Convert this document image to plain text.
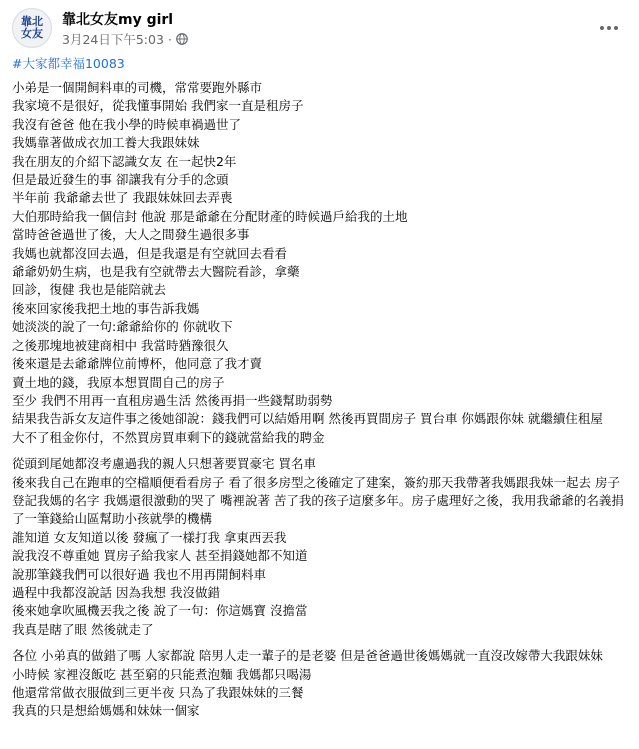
靠北
女友
靠北女友my girl
3月24日下午5:03 ·
#大家都幸福10083
小弟是一個開飼料車的司機，常常要跑外縣市
我家境不是很好，從我懂事開始 我們家一直是租房子
我沒有爸爸 他在我小學的時候車禍過世了
我媽靠著做成衣加工養大我跟妹妹
我在朋友的介紹下認識女友 在一起快2年
但是最近發生的事 卻讓我有分手的念頭
半年前 我爺爺去世了 我跟妹妹回去弄喪
大伯那時給我一個信封 他說 那是爺爺在分配財產的時候過戶給我的土地
當時爸爸過世了後，大人之間發生過很多事
我媽也就都沒回去過，但是我還是有空就回去看看
爺爺奶奶生病，也是我有空就帶去大醫院看診，拿藥
回診，復健 我也是能陪就去
後來回家後我把土地的事告訴我媽
她淡淡的說了一句:爺爺給你的 你就收下
之後那塊地被建商相中 我當時猶豫很久
後來還是去爺爺牌位前博杯，他同意了我才賣
賣土地的錢，我原本想買間自己的房子
至少 我們不用再一直租房過生活 然後再捐一些錢幫助弱勢
結果我告訴女友這件事之後她卻說：錢我們可以結婚用啊 然後再買間房子 買台車 你媽跟你妹 就繼續住租屋
大不了租金你付，不然買房買車剩下的錢就當給我的聘金
從頭到尾她都沒考慮過我的親人只想著要買豪宅 買名車
後來我自己在跑車的空檔順便看看房子 看了很多房型之後確定了建案，簽約那天我帶著我媽跟我妹一起去 房子登記我媽的名字 我媽還很激動的哭了 嘴裡說著 苦了我的孩子這麼多年。房子處理好之後，我用我爺爺的名義捐了一筆錢給山區幫助小孩就學的機構
誰知道 女友知道以後 發瘋了一樣打我 拿東西丟我
說我沒不尊重她 買房子給我家人 甚至捐錢她都不知道
說那筆錢我們可以很好過 我也不用再開飼料車
過程中我都沒說話 因為我想 我沒做錯
後來她拿吹風機丟我之後 說了一句：你這媽寶 沒擔當
我真是瞎了眼 然後就走了
各位 小弟真的做錯了嗎 人家都說 陪男人走一輩子的是老婆 但是爸爸過世後媽媽就一直沒改嫁帶大我跟妹妹
小時候 家裡沒飯吃 甚至窮的只能煮泡麵 我媽都只喝湯
他還常常做衣服做到三更半夜 只為了我跟妹妹的三餐
我真的只是想給媽媽和妹妹一個家
